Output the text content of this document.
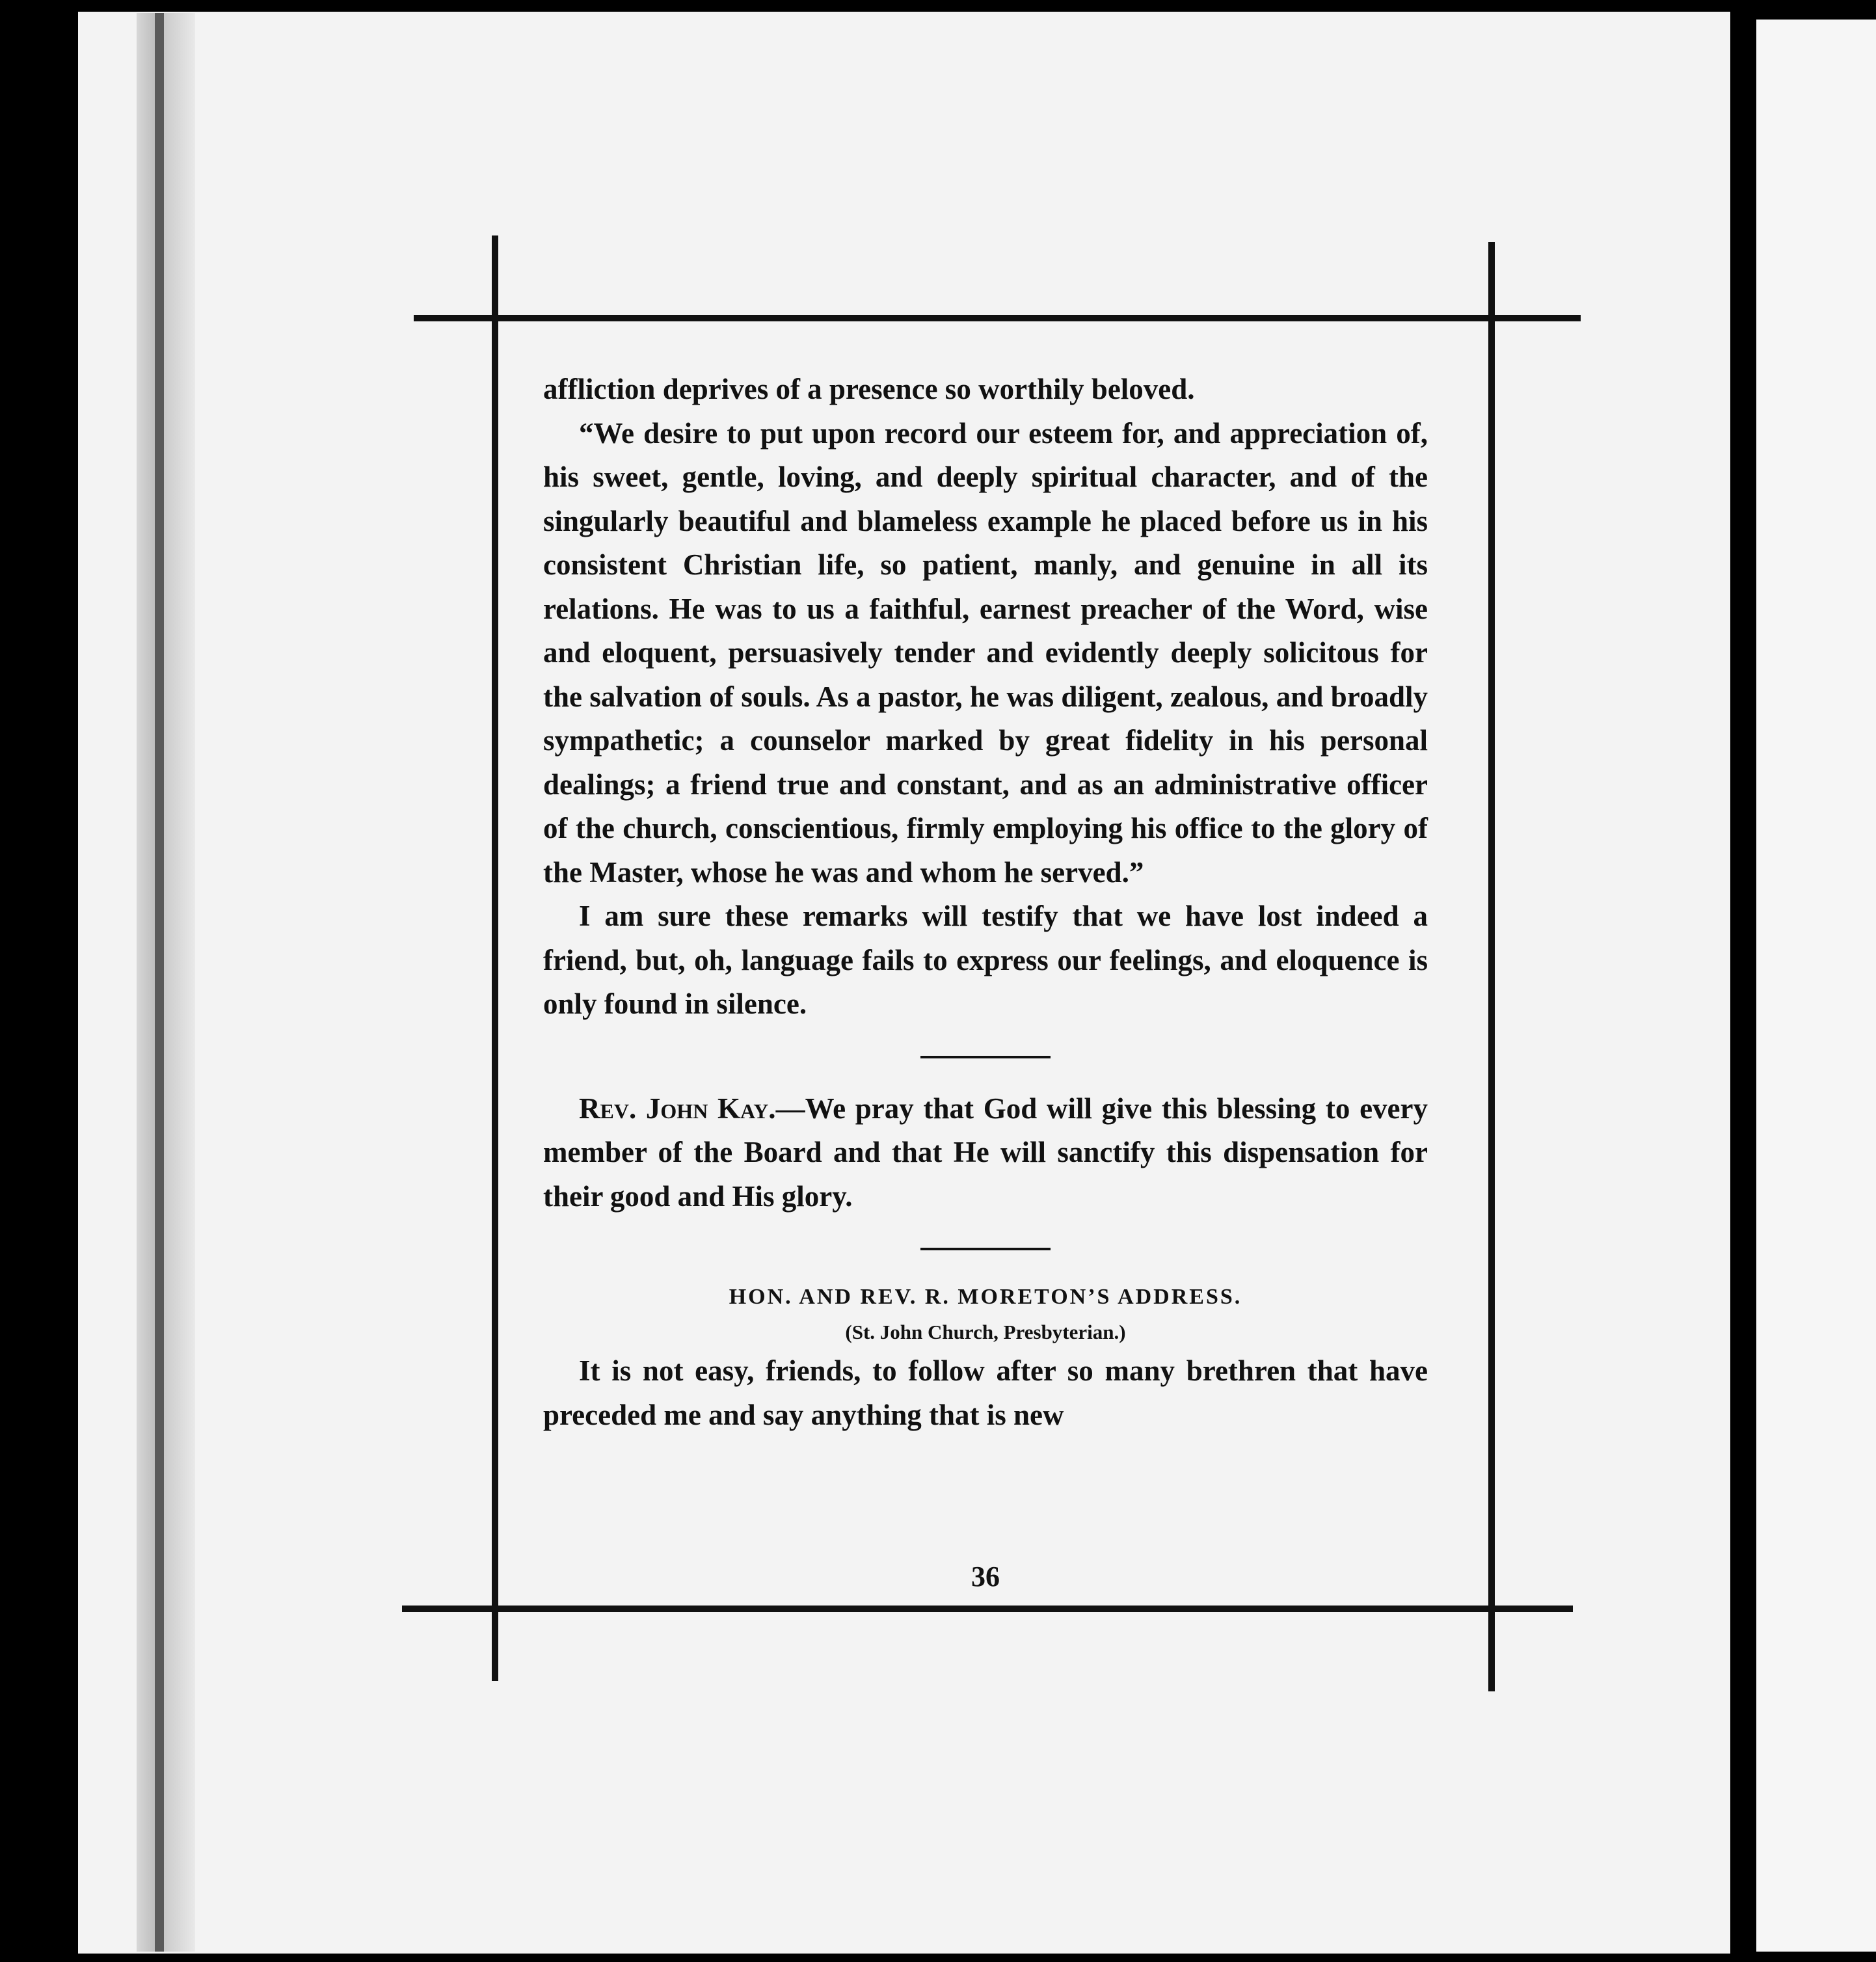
affliction deprives of a presence so worthily beloved.

“We desire to put upon record our esteem for, and appreciation of, his sweet, gentle, loving, and deeply spiritual character, and of the singularly beautiful and blameless example he placed before us in his consistent Christian life, so patient, manly, and genuine in all its relations. He was to us a faithful, earnest preacher of the Word, wise and eloquent, persuasively tender and evidently deeply solicitous for the salvation of souls. As a pastor, he was diligent, zealous, and broadly sympathetic; a counselor marked by great fidelity in his personal dealings; a friend true and constant, and as an administrative officer of the church, conscientious, firmly employing his office to the glory of the Master, whose he was and whom he served.”

I am sure these remarks will testify that we have lost indeed a friend, but, oh, language fails to express our feelings, and eloquence is only found in silence.

Rev. John Kay.—We pray that God will give this blessing to every member of the Board and that He will sanctify this dispensation for their good and His glory.

HON. AND REV. R. MORETON’S ADDRESS.

(St. John Church, Presbyterian.)

It is not easy, friends, to follow after so many brethren that have preceded me and say anything that is new

36
